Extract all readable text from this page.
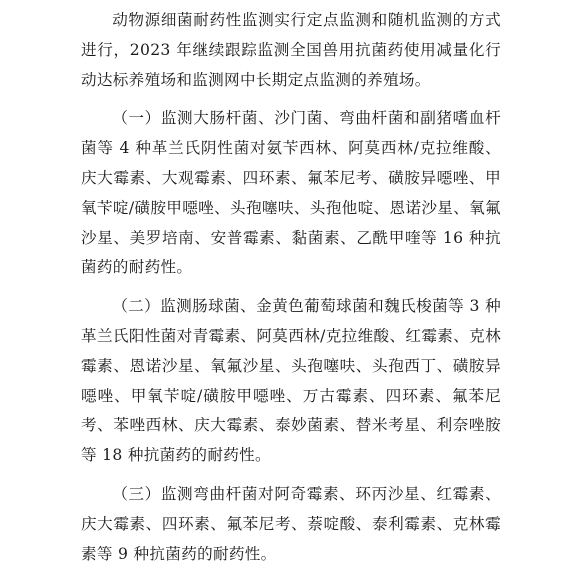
动物源细菌耐药性监测实行定点监测和随机监测的方式进行，2023 年继续跟踪监测全国兽用抗菌药使用减量化行动达标养殖场和监测网中长期定点监测的养殖场。

（一）监测大肠杆菌、沙门菌、弯曲杆菌和副猪嗜血杆菌等 4 种革兰氏阴性菌对氨苄西林、阿莫西林/克拉维酸、庆大霉素、大观霉素、四环素、氟苯尼考、磺胺异噁唑、甲氧苄啶/磺胺甲噁唑、头孢噻呋、头孢他啶、恩诺沙星、氧氟沙星、美罗培南、安普霉素、黏菌素、乙酰甲喹等 16 种抗菌药的耐药性。

（二）监测肠球菌、金黄色葡萄球菌和魏氏梭菌等 3 种革兰氏阳性菌对青霉素、阿莫西林/克拉维酸、红霉素、克林霉素、恩诺沙星、氧氟沙星、头孢噻呋、头孢西丁、磺胺异噁唑、甲氧苄啶/磺胺甲噁唑、万古霉素、四环素、氟苯尼考、苯唑西林、庆大霉素、泰妙菌素、替米考星、利奈唑胺等 18 种抗菌药的耐药性。

（三）监测弯曲杆菌对阿奇霉素、环丙沙星、红霉素、庆大霉素、四环素、氟苯尼考、萘啶酸、泰利霉素、克林霉素等 9 种抗菌药的耐药性。
